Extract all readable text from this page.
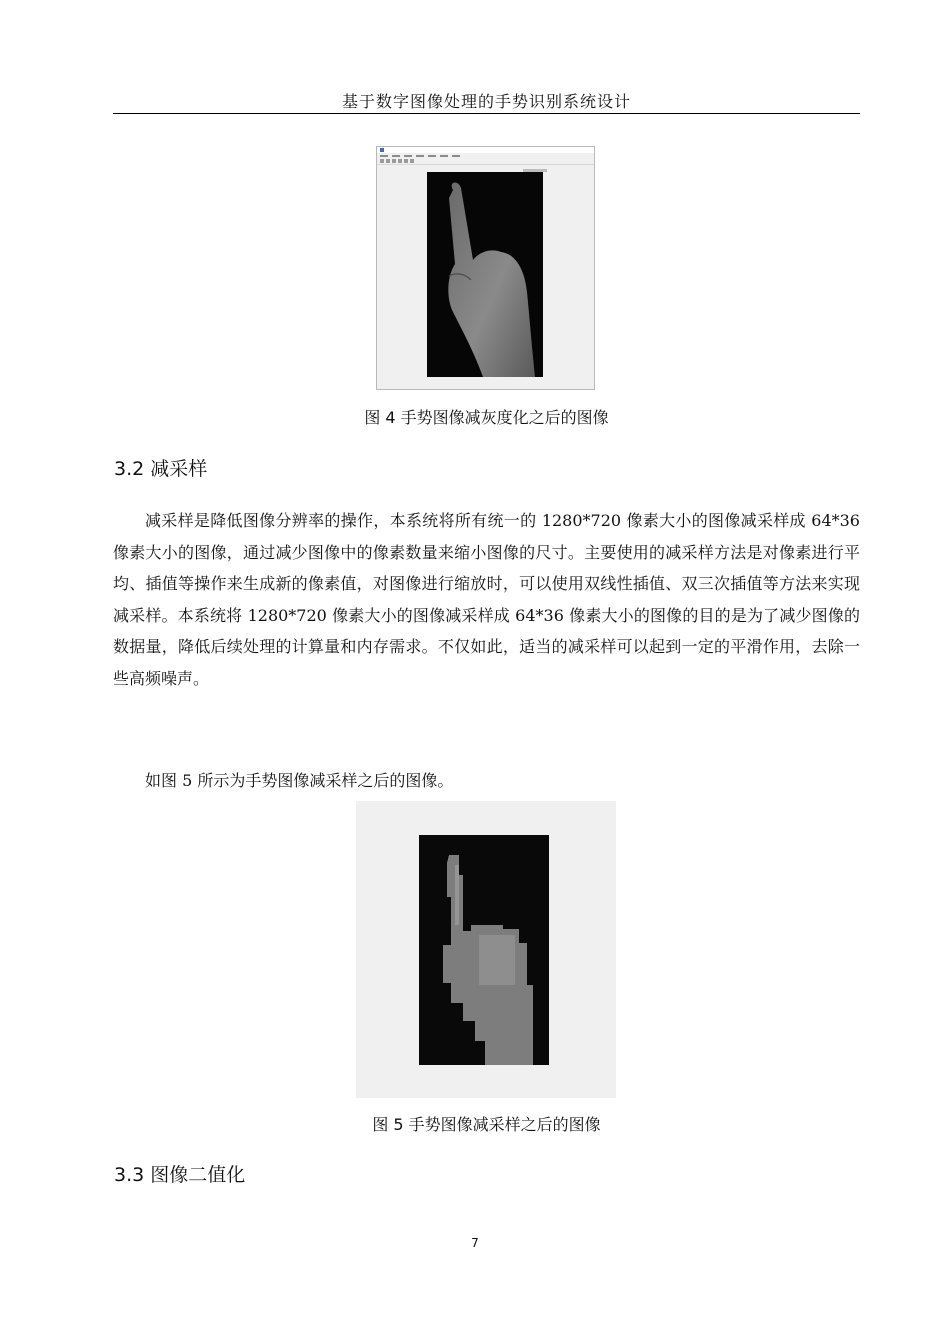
基于数字图像处理的手势识别系统设计
图 4 手势图像减灰度化之后的图像
3.2 减采样

减采样是降低图像分辨率的操作，本系统将所有统一的 1280*720 像素大小的图像减采样成 64*36 像素大小的图像，通过减少图像中的像素数量来缩小图像的尺寸。主要使用的减采样方法是对像素进行平均、插值等操作来生成新的像素值，对图像进行缩放时，可以使用双线性插值、双三次插值等方法来实现减采样。本系统将 1280*720 像素大小的图像减采样成 64*36 像素大小的图像的目的是为了减少图像的数据量，降低后续处理的计算量和内存需求。不仅如此，适当的减采样可以起到一定的平滑作用，去除一些高频噪声。

如图 5 所示为手势图像减采样之后的图像。

图 5 手势图像减采样之后的图像
3.3 图像二值化
7
